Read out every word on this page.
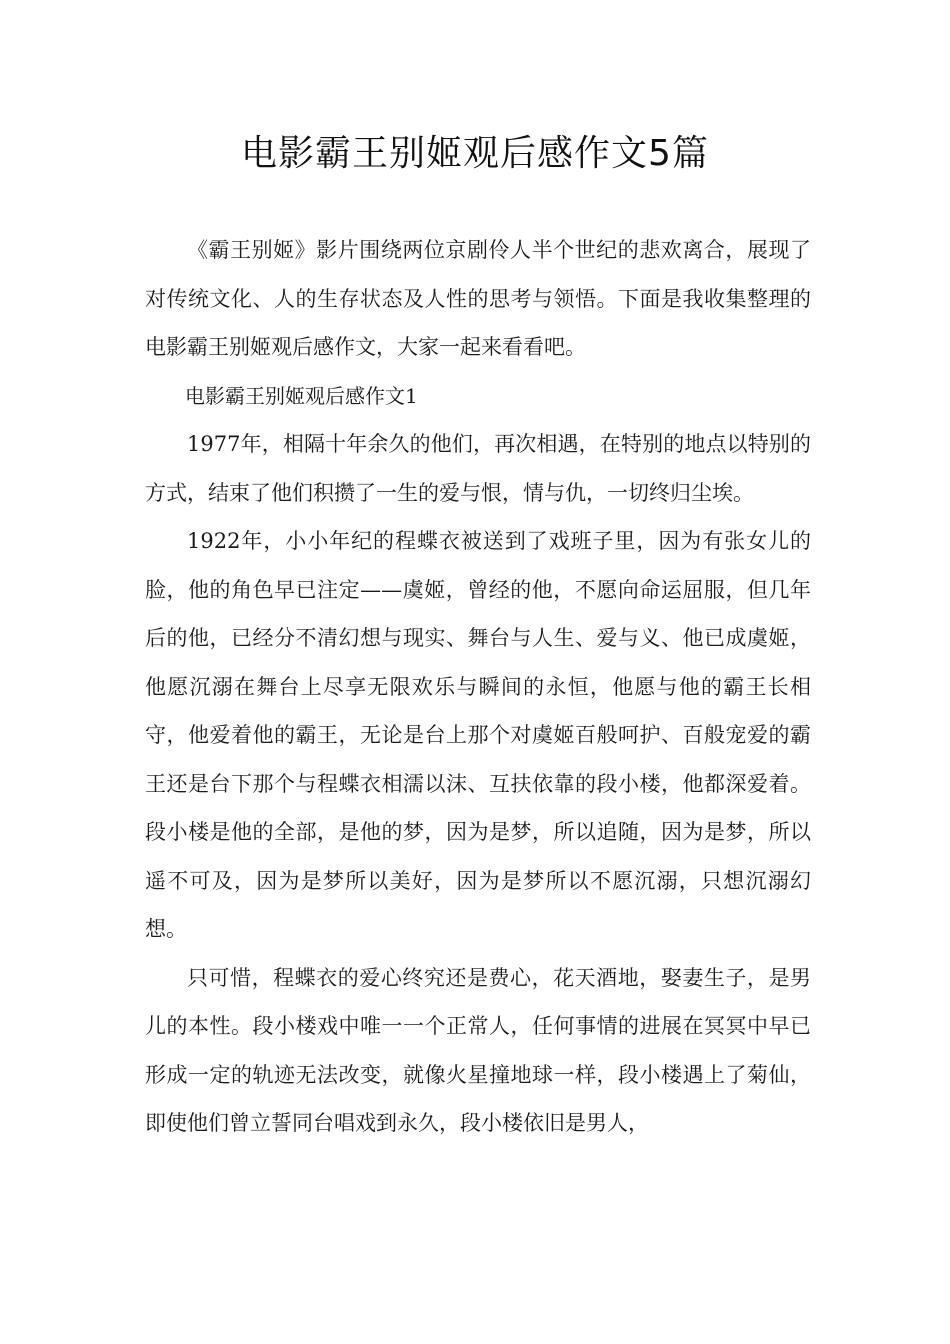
电影霸王别姬观后感作文5篇

《霸王别姬》影片围绕两位京剧伶人半个世纪的悲欢离合，展现了对传统文化、人的生存状态及人性的思考与领悟。下面是我收集整理的电影霸王别姬观后感作文，大家一起来看看吧。

电影霸王别姬观后感作文1

1977年，相隔十年余久的他们，再次相遇，在特别的地点以特别的方式，结束了他们积攒了一生的爱与恨，情与仇，一切终归尘埃。

1922年，小小年纪的程蝶衣被送到了戏班子里，因为有张女儿的脸，他的角色早已注定——虞姬，曾经的他，不愿向命运屈服，但几年后的他，已经分不清幻想与现实、舞台与人生、爱与义、他已成虞姬，他愿沉溺在舞台上尽享无限欢乐与瞬间的永恒，他愿与他的霸王长相守，他爱着他的霸王，无论是台上那个对虞姬百般呵护、百般宠爱的霸王还是台下那个与程蝶衣相濡以沫、互扶依靠的段小楼，他都深爱着。段小楼是他的全部，是他的梦，因为是梦，所以追随，因为是梦，所以遥不可及，因为是梦所以美好，因为是梦所以不愿沉溺，只想沉溺幻想。

只可惜，程蝶衣的爱心终究还是费心，花天酒地，娶妻生子，是男儿的本性。段小楼戏中唯一一个正常人，任何事情的进展在冥冥中早已形成一定的轨迹无法改变，就像火星撞地球一样，段小楼遇上了菊仙，即使他们曾立誓同台唱戏到永久，段小楼依旧是男人，
